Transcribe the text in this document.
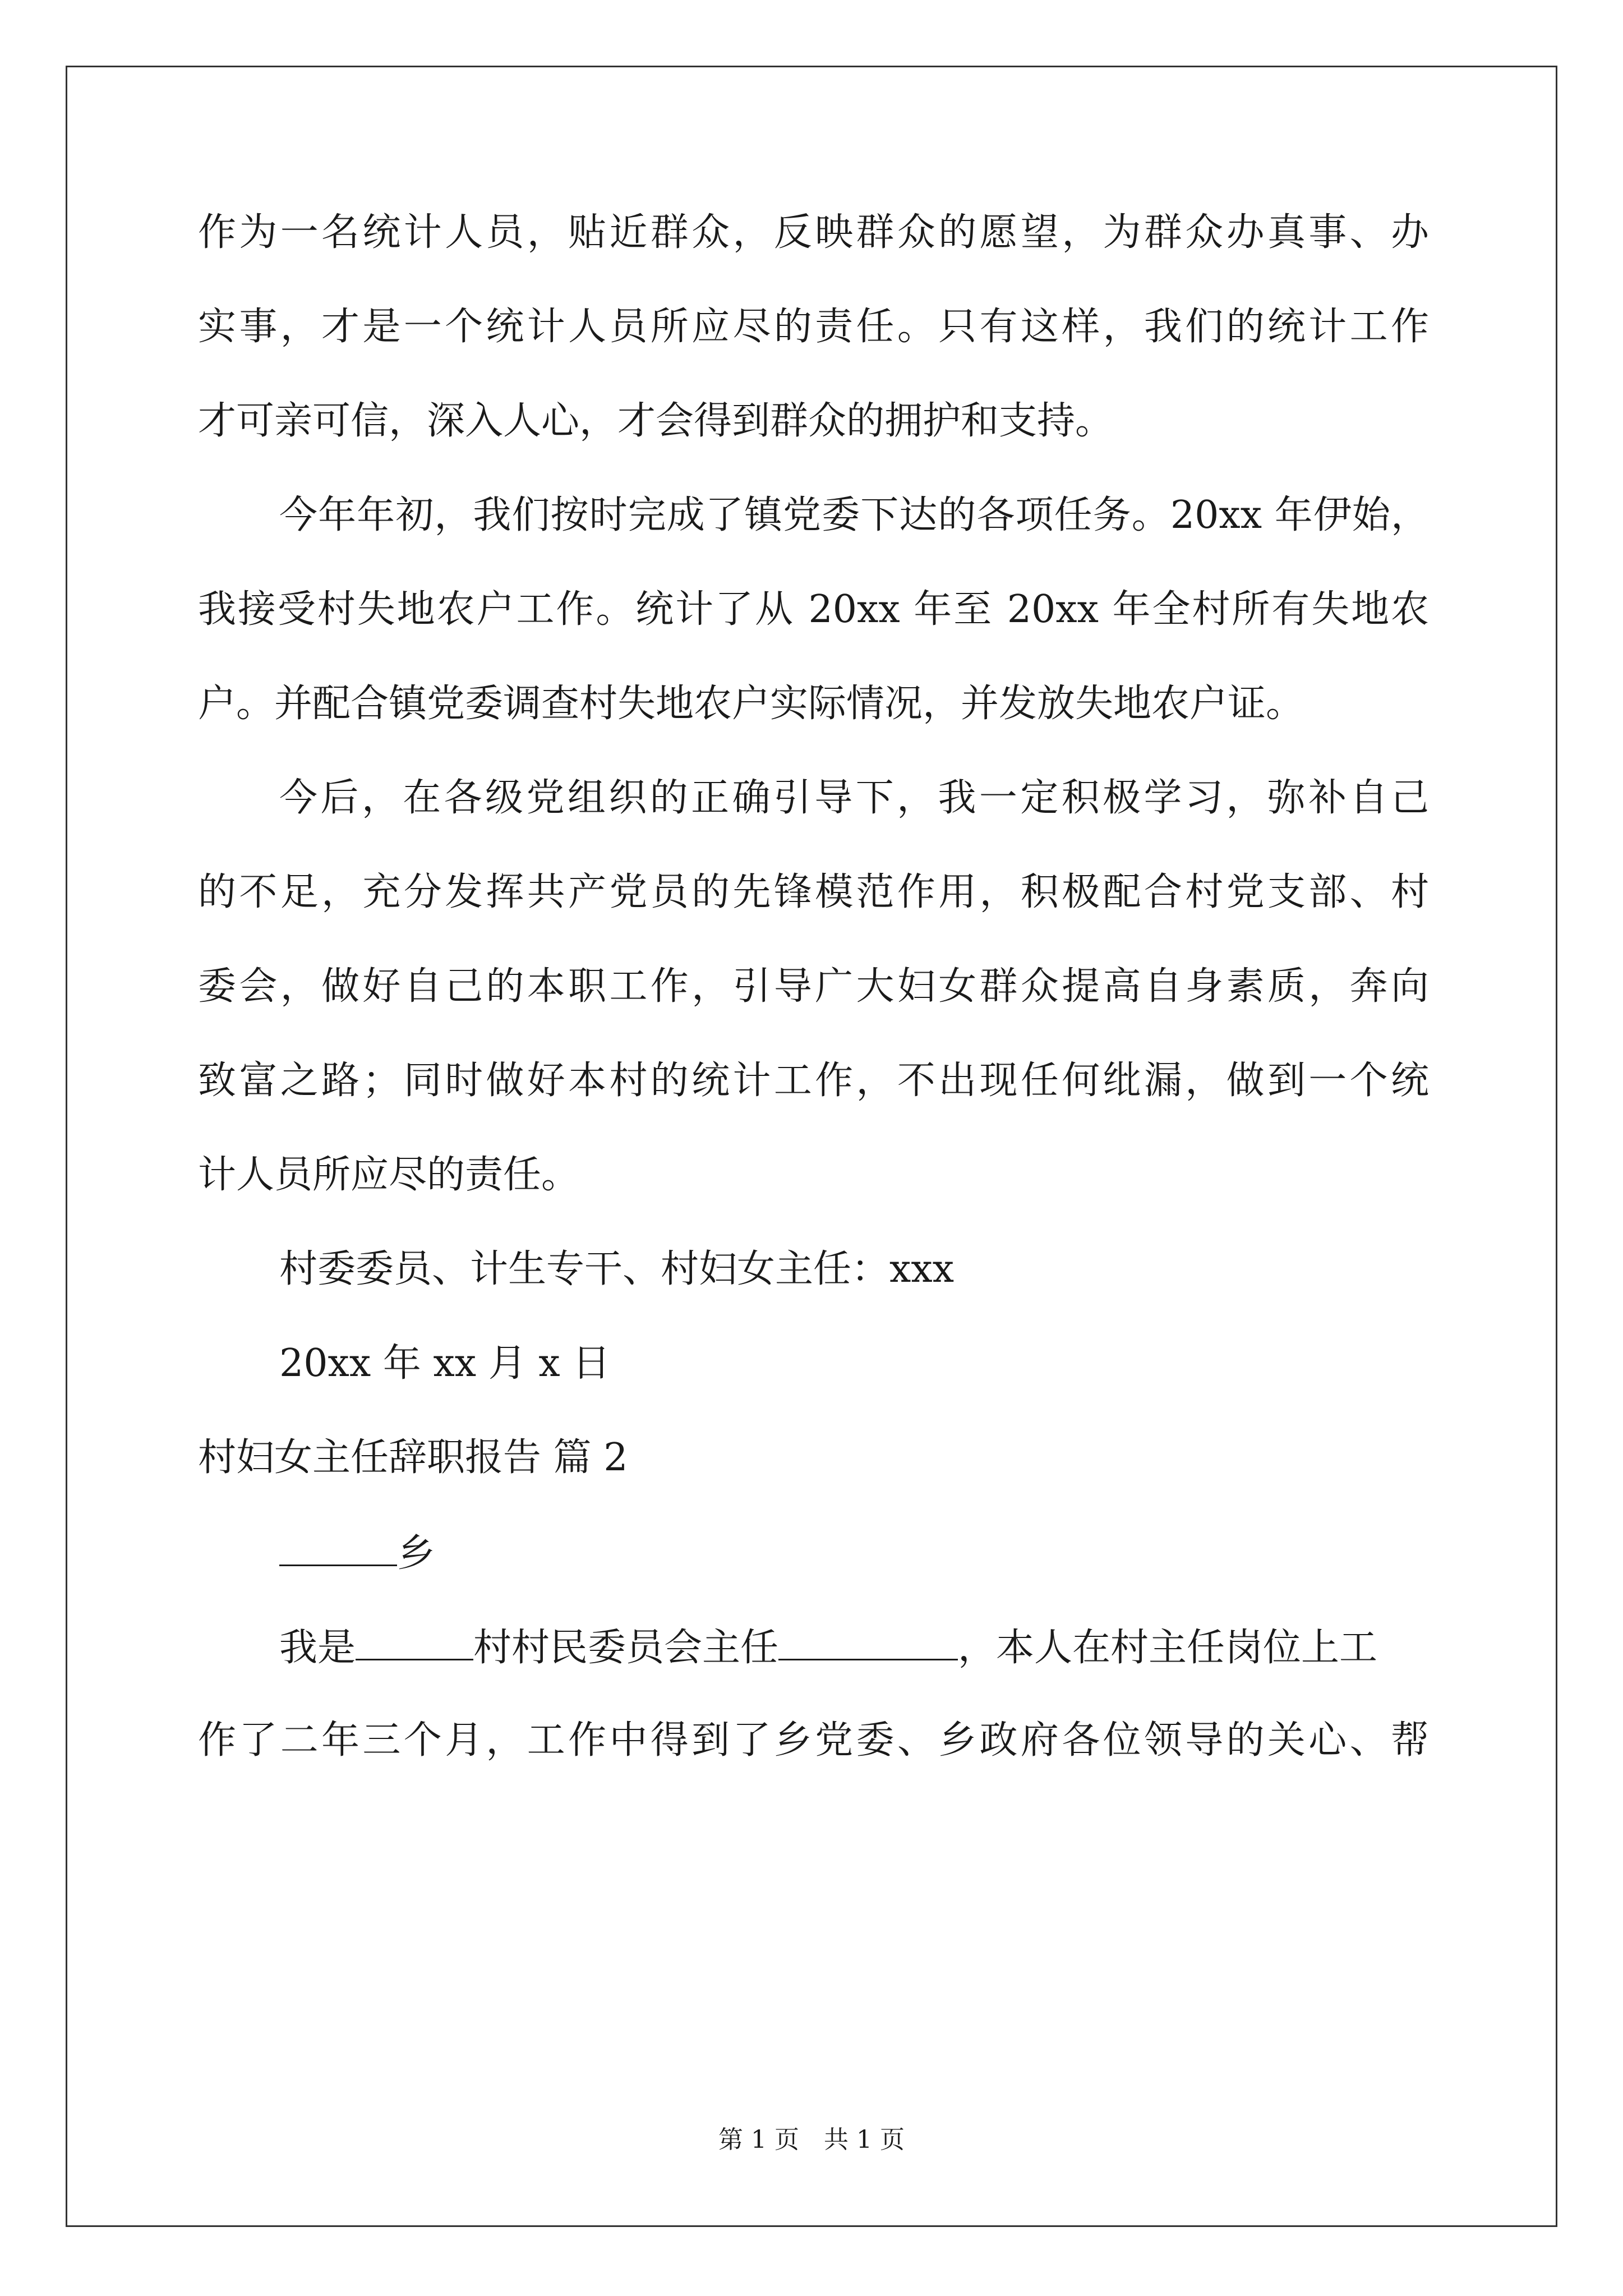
作为一名统计人员，贴近群众，反映群众的愿望，为群众办真事、办
实事，才是一个统计人员所应尽的责任。只有这样，我们的统计工作
才可亲可信，深入人心，才会得到群众的拥护和支持。
今年年初，我们按时完成了镇党委下达的各项任务。20xx 年伊始，
我接受村失地农户工作。统计了从 20xx 年至 20xx 年全村所有失地农
户。并配合镇党委调查村失地农户实际情况，并发放失地农户证。
今后，在各级党组织的正确引导下，我一定积极学习，弥补自己
的不足，充分发挥共产党员的先锋模范作用，积极配合村党支部、村
委会，做好自己的本职工作，引导广大妇女群众提高自身素质，奔向
致富之路；同时做好本村的统计工作，不出现任何纰漏，做到一个统
计人员所应尽的责任。
村委委员、计生专干、村妇女主任：xxx
20xx 年 xx 月 x 日
村妇女主任辞职报告 篇 2
乡
我是	村村民委员会主任	，本人在村主任岗位上工
作了二年三个月，工作中得到了乡党委、乡政府各位领导的关心、帮
第 1 页　共 1 页
